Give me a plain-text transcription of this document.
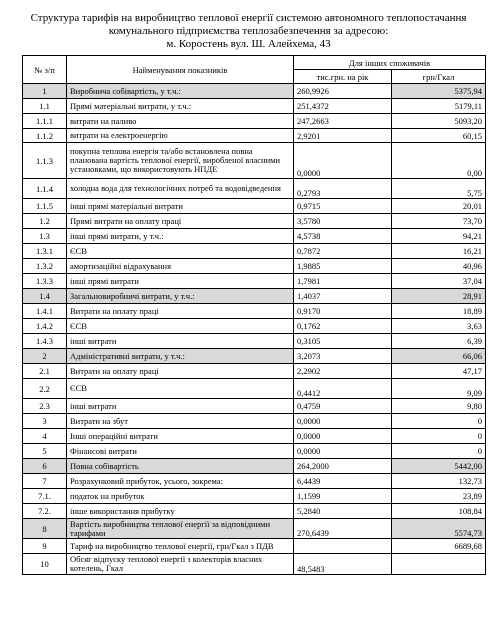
Структура тарифів на виробництво теплової енергії системою автономного теплопостачання
комунального підприємства теплозабезпечення за адресою:
м. Коростень вул. Ш. Алейхема, 43
№ з/п	Найменування показників	Для інших споживачів	
		тис.грн. на рік	грн/Гкал
1	Виробнича собівартість, у т.ч.:	260,9926	5375,94
1.1	Прямі матеріальні витрати, у т.ч.:	251,4372	5179,11
1.1.1	витрати на паливо	247,2663	5093,20
1.1.2	витрати на електроенергію	2,9201	60,15
1.1.3	покупна теплова енергія та/або встановлена повна планована вартість теплової енергії, виробленої власними установками, що використовують НПДЕ	0,0000	0,00
1.1.4	холодна вода для технологічних потреб та водовідведення	0,2793	5,75
1.1.5	інші прямі матеріальні витрати	0,9715	20,01
1.2	Прямі витрати на оплату праці	3,5780	73,70
1.3	інші прямі витрати, у т.ч.:	4,5738	94,21
1.3.1	ЄСВ	0,7872	16,21
1.3.2	амортизаційні відрахування	1,9885	40,96
1.3.3	інші прямі витрати	1,7981	37,04
1.4	Загальновиробничі витрати, у т.ч.:	1,4037	28,91
1.4.1	Витрати на оплату праці	0,9170	18,89
1.4.2	ЄСВ	0,1762	3,63
1.4.3	інші витрати	0,3105	6,39
2	Адміністративні витрати, у т.ч.:	3,2073	66,06
2.1	Витрати на оплату праці	2,2902	47,17
2.2	ЄСВ	0,4412	9,09
2.3	інші витрати	0,4759	9,80
3	Витрати на збут	0,0000	0
4	Інші операційні витрати	0,0000	0
5	Фінансові витрати	0,0000	0
6	Повна собівартість	264,2000	5442,00
7	Розрахунковий прибуток, усього, зокрема:	6,4439	132,73
7.1.	податок на прибуток	1,1599	23,89
7.2.	інше використання прибутку	5,2840	108,84
8	Вартість виробництва теплової енергії за відповідними тарифами	270,6439	5574,73
9	Тариф на виробництво теплової енергії, грн/Гкал з ПДВ		6689,68
10	Обсяг відпуску теплової енергії з колекторів власних котелень, Гкал	48,5483	
